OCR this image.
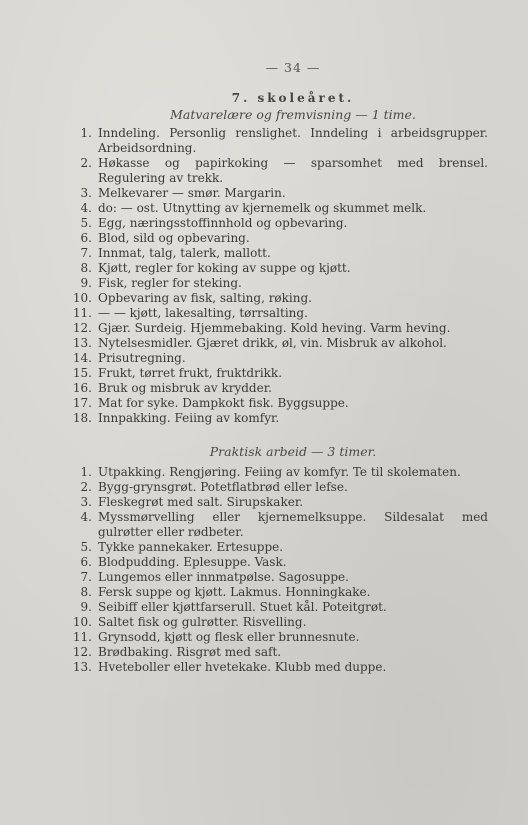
— 34 —
7. skoleåret.
Matvarelære og fremvisning — 1 time.
1. Inndeling. Personlig renslighet. Inndeling i arbeidsgrupper. Arbeidsordning.
2. Høkasse og papirkoking — sparsomhet med brensel. Regulering av trekk.
3. Melkevarer — smør. Margarin.
4. do: — ost. Utnytting av kjernemelk og skummet melk.
5. Egg, næringsstoffinnhold og opbevaring.
6. Blod, sild og opbevaring.
7. Innmat, talg, talerk, mallott.
8. Kjøtt, regler for koking av suppe og kjøtt.
9. Fisk, regler for steking.
10. Opbevaring av fisk, salting, røking.
11. — — kjøtt, lakesalting, tørrsalting.
12. Gjær. Surdeig. Hjemmebaking. Kold heving. Varm heving.
13. Nytelsesmidler. Gjæret drikk, øl, vin. Misbruk av alkohol.
14. Prisutregning.
15. Frukt, tørret frukt, fruktdrikk.
16. Bruk og misbruk av krydder.
17. Mat for syke. Dampkokt fisk. Byggsuppe.
18. Innpakking. Feiing av komfyr.
Praktisk arbeid — 3 timer.
1. Utpakking. Rengjøring. Feiing av komfyr. Te til skolematen.
2. Bygg-grynsgrøt. Potetflatbrød eller lefse.
3. Fleskegrøt med salt. Sirupskaker.
4. Myssmørvelling eller kjernemelksuppe. Sildesalat med gulrøtter eller rødbeter.
5. Tykke pannekaker. Ertesuppe.
6. Blodpudding. Eplesuppe. Vask.
7. Lungemos eller innmatpølse. Sagosuppe.
8. Fersk suppe og kjøtt. Lakmus. Honningkake.
9. Seibiff eller kjøttfarserull. Stuet kål. Poteitgrøt.
10. Saltet fisk og gulrøtter. Risvelling.
11. Grynsodd, kjøtt og flesk eller brunnesnute.
12. Brødbaking. Risgrøt med saft.
13. Hveteboller eller hvetekake. Klubb med duppe.
